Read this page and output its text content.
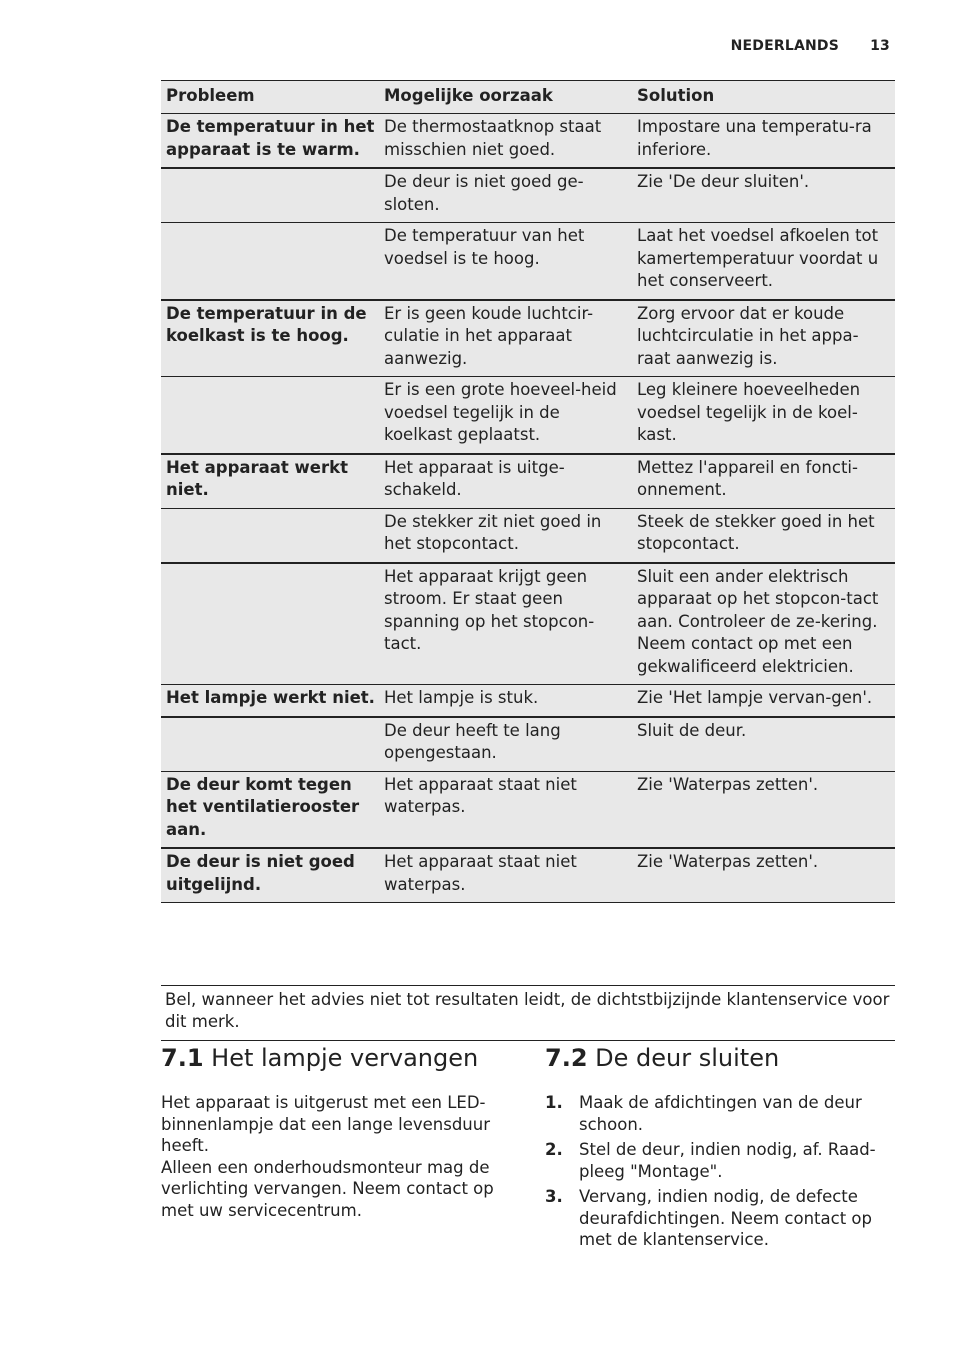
NEDERLANDS 13
Probleem	Mogelijke oorzaak	Solution
De temperatuur in het apparaat is te warm.	De thermostaatknop staat misschien niet goed.	Impostare una temperatu-ra inferiore.
	De deur is niet goed ge-sloten.	Zie 'De deur sluiten'.
	De temperatuur van het voedsel is te hoog.	Laat het voedsel afkoelen tot kamertemperatuur voordat u het conserveert.
De temperatuur in de koelkast is te hoog.	Er is geen koude luchtcir-culatie in het apparaat aanwezig.	Zorg ervoor dat er koude luchtcirculatie in het appa-raat aanwezig is.
	Er is een grote hoeveel-heid voedsel tegelijk in de koelkast geplaatst.	Leg kleinere hoeveelheden voedsel tegelijk in de koel-kast.
Het apparaat werkt niet.	Het apparaat is uitge-schakeld.	Mettez l'appareil en foncti-onnement.
	De stekker zit niet goed in het stopcontact.	Steek de stekker goed in het stopcontact.
	Het apparaat krijgt geen stroom. Er staat geen spanning op het stopcon-tact.	Sluit een ander elektrisch apparaat op het stopcon-tact aan. Controleer de ze-kering. Neem contact op met een gekwalificeerd elektricien.
Het lampje werkt niet.	Het lampje is stuk.	Zie 'Het lampje vervan-gen'.
	De deur heeft te lang opengestaan.	Sluit de deur.
De deur komt tegen het ventilatierooster aan.	Het apparaat staat niet waterpas.	Zie 'Waterpas zetten'.
De deur is niet goed uitgelijnd.	Het apparaat staat niet waterpas.	Zie 'Waterpas zetten'.
Bel, wanneer het advies niet tot resultaten leidt, de dichtstbijzijnde klantenservice voor dit merk.
7.1 Het lampje vervangen

Het apparaat is uitgerust met een LED-binnenlampje dat een lange levensduur heeft.

Alleen een onderhoudsmonteur mag de verlichting vervangen. Neem contact op met uw servicecentrum.

7.2 De deur sluiten
1. Maak de afdichtingen van de deur schoon.
2. Stel de deur, indien nodig, af. Raad-pleeg "Montage".
3. Vervang, indien nodig, de defecte deurafdichtingen. Neem contact op met de klantenservice.
